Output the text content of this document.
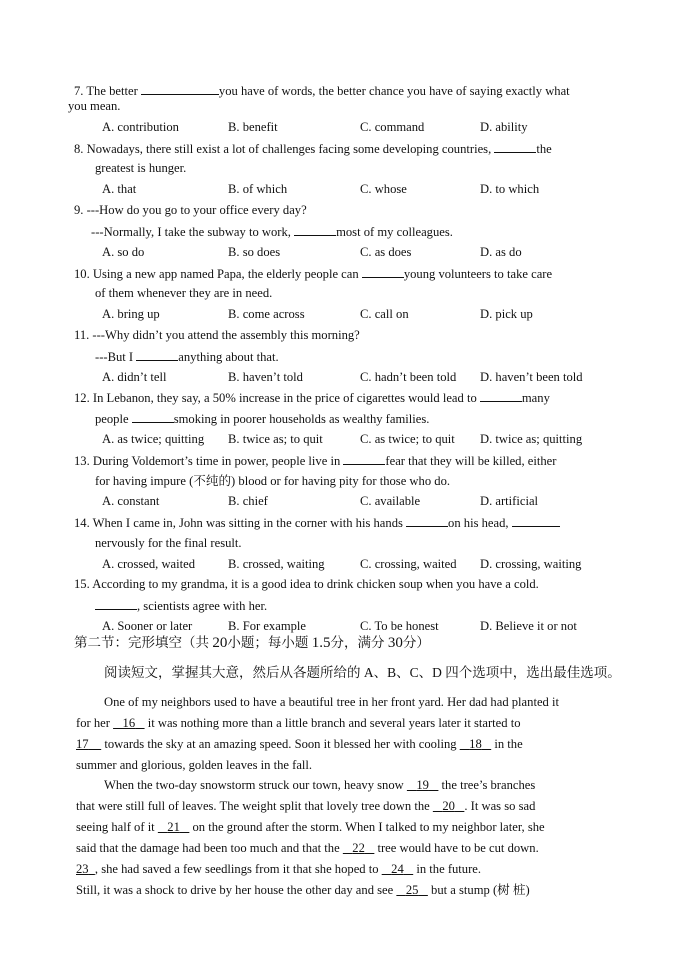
7. The better	you have of words, the better chance you have of saying exactly what
you mean.
A. contribution	B. benefit	C. command	D. ability
8. Nowadays, there still exist a lot of challenges facing some developing countries,	the
greatest is hunger.
A. that	B. of which	C. whose	D. to which
9. ---How do you go to your office every day?
---Normally, I take the subway to work,	most of my colleagues.
A. so do	B. so does	C. as does	D. as do
10. Using a new app named Papa, the elderly people can	young volunteers to take care
of them whenever they are in need.
A. bring up	B. come across	C. call on	D. pick up
11. ---Why didn’t you attend the assembly this morning?
---But I	anything about that.
A. didn’t tell	B. haven’t told	C. hadn’t been told D. haven’t been told
12. In Lebanon, they say, a 50% increase in the price of cigarettes would lead to	many
people	smoking in poorer households as wealthy families.
A. as twice; quitting B. twice as; to quit	C. as twice; to quit D. twice as; quitting
13. During Voldemort’s time in power, people live in	fear that they will be killed, either
for having impure (不纯的) blood or for having pity for those who do.
A. constant	B. chief	C. available	D. artificial
14. When I came in, John was sitting in the corner with his hands	on his head,
nervously for the final result.
A. crossed, waited	B. crossed, waiting	C. crossing, waited D. crossing, waiting
15. According to my grandma, it is a good idea to drink chicken soup when you have a cold.
, scientists agree with her.
A. Sooner or later	B. For example	C. To be honest	D. Believe it or not
第二节：完形填空（共 20小题；每小题 1.5分，满分 30分）
阅读短文，掌握其大意，然后从各题所给的 A、B、C、D 四个选项中，选出最佳选项。
One of my neighbors used to have a beautiful tree in her front yard. Her dad had planted it
for her    16    it was nothing more than a little branch and several years later it started to
17     towards the sky at an amazing speed. Soon it blessed her with cooling    18    in the
summer and glorious, golden leaves in the fall.
When the two-day snowstorm struck our town, heavy snow    19    the tree’s branches
that were still full of leaves. The weight split that lovely tree down the    20 . It was so sad
seeing half of it    21    on the ground after the storm. When I talked to my neighbor later, she
said that the damage had been too much and that the    22    tree would have to be cut down.
23 , she had saved a few seedlings from it that she hoped to    24    in the future.
Still, it was a shock to drive by her house the other day and see    25    but a stump (树 桩)
